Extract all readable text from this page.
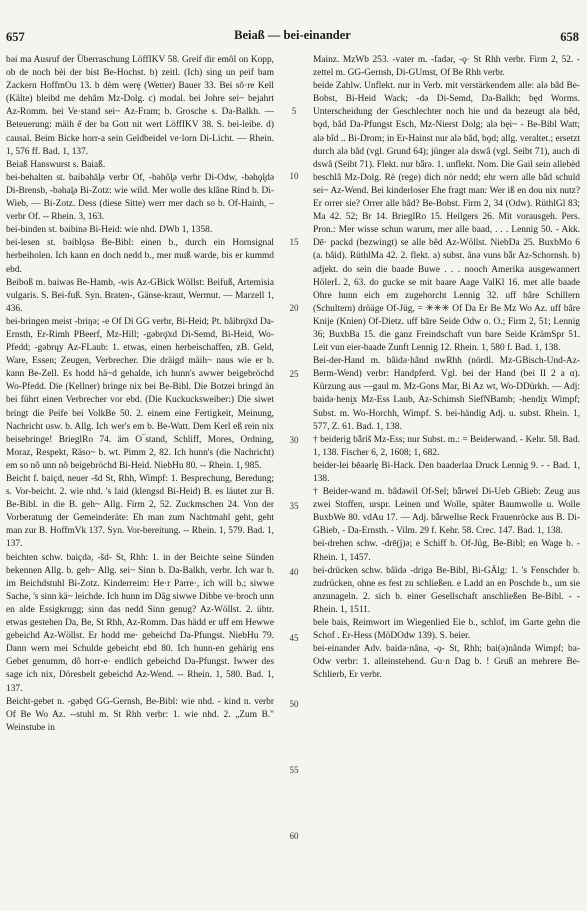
657	Beiaß — bei-einander	658

bǝi ma Ausruf der Überraschung LöffIKV 58. Greif dir emôl on Kopp, ob de noch bèi der bist Be-Hochst. b) zeitl. (Ich) sing un peif bam Zackern HoffmOu 13. b dèm werę (Wetter) Bauer 33. Bei sô·re Kell (Kälte) bleibd me dehâm Mz-Dolg. c) modal. bei Johre sei~ bejahrt Az-Romm. bei Ve·stand sei~ Az-Fram; b. Grosche s. Da-Balkh. — Beteuerung: mäih e̋ der ba Gott nit wert LöffIKV 38. S. bei-leibe. d) causal. Beim Bicke horr-a sein Geldbeidel ve·lorn Di-Licht. — Rhein. 1, 576 ff. Bad. 1, 137.

Beiaß Hanswurst s. Baiaß.

bei-behalten st. baibəhāl̥ǝ verbr Of, -bǝhôl̥ǝ verbr Di-Odw, -bǝhǫl̥dǝ Di-Brensb, -bǝhal̥ǝ Bi-Zotz: wie wild. Mer wolle des klâne Rind b. Di-Wieb, — Bi-Zotz. Dess (diese Sitte) werr mer dach so b. Of-Hainh, – verbr Of. -- Rhein. 3, 163.

bei-binden st. bǝibinǝ Bi-Heid: wie nhd. DWb 1, 1358.

bei-lesen st. bǝiblǫsǝ Be-Bibl: einen b., durch ein Hornsignal herbeiholen. Ich kann en doch nedd b., mer muß warde, bis er kummd ebd.

Beiboß m. baiwǝs Be-Hamb, -wis Az-GBick Wöllst: Beifuß, Artemisia vulgaris. S. Bei-fuß. Syn. Braten-, Gänse-kraut, Wermut. — Marzell 1, 436.

bei-bringen meist -briŋǝ; -e Of Di GG verbr, Bi-Heid; Pt. bâibrǫ̈xd Da-Ernsth, Er-Rimh PBeerf, Mz-Hill; -gǝbrǫ̈xd Di-Semd, Bi-Heid, Wo-Pfedd; -gǝbrųy Az-FLaub: 1. etwas, einen herbeischaffen, zB. Geld, Ware, Essen; Zeugen, Verbrecher. Die dräigd mäih~ naus wie er b. kann Be-Zell. Es hodd hä~d gehalde, ich hunn's awwer beigebröchd Wo-Pfedd. Die (Kellner) bringe nix bei Be-Bibl. Die Botzei bringd än bei führt einen Verbrecher vor ebd. (Die Kuckucksweiber:) Die siwet bringt die Peife bei VolkBe 50. 2. einem eine Fertigkeit, Meinung, Nachricht usw. b. Allg. Ich wer's em b. Be-Watt. Dem Kerl eß rein nix beisebringe! BrieglRo 74. äm O‾stand, Schliff, Mores, Ordning, Moraz, Respekt, Räso~ b. wt. Pimm 2, 82. Ich hunn's (die Nachricht) em so nô unn nô beigebröchd Bi-Heid. NiebHu 80. -- Rhein. 1, 985.

Beicht f. baiçd, neuer -šd St, Rhh, Wimpf: 1. Besprechung, Beredung; s. Vor-beicht. 2. wie nhd. 's laid (klengsd Bi-Heid) B. es läutet zur B. Be-Bibl. in die B. geh~ Allg. Firm 2, 52. Zuckmschen 24. Von der Vorberatung der Gemeinderäte: Eh man zum Nachtmahl geht, geht man zur B. HoffmVk 137. Syn. Vor-bereitung. -- Rhein. 1, 579. Bad. 1, 137.

beichten schw. baiçdǝ, -šd- St, Rhh: 1. in der Beichte seine Sünden bekennen Allg. b. geh~ Allg. sei~ Sinn b. Da-Balkh, verbr. Ich war b. im Beichdstuhl Bi-Zotz. Kinderreim: He·r Parre·, ich will b.; siwwe Sache, 's sinn kä~ leichde. Ich hunn im Dåg siwwe Dibbe ve·broch unn en alde Essigkrugg; sinn das nedd Sinn genug? Az-Wöllst. 2. übtr. etwas gestehen Da, Be, St Rhh, Az-Romm. Das hädd er uff em Hewwe gebeichd Az-Wöllst. Er hodd me· gebeichd Da-Pfungst. NiebHu 79. Dann wern mei Schulde gebeicht ebd 80. Ich hunn-en gehärig ens Gebet genumm, dô horr-e· endlich gebeichd Da-Pfungst. Iwwer des sage ich nix, Döresbelt gebeichd Az-Wend. -- Rhein. 1, 580. Bad. 1, 137.

Beicht-gebet n. -gǝbęd GG-Gernsh, Be-Bibl: wie nhd. - kind n. verbr Of Be Wo Az. --stuhl m. St Rhh verbr: 1. wie nhd. 2. „Zum B." Weinstube in

5
10
15
20
25
30
35
40
45
50
55
60

Mainz. MzWb 253. -vater m. -fadǝr, -ǫ· St Rhh verbr. Firm 2, 52. -zettel m. GG-Gernsh, Di-GUmst, Of Be Rhh verbr.

beide Zahlw. Unflekt. nur in Verb. mit verstärkendem alle: alǝ bâd Be-Bobst, Bi-Heid Wack; -dǝ Di-Semd, Da-Balkh; będ Worms. Unterscheidung der Geschlechter noch hie und da bezeugt alǝ bêd, bǫd, bâd Da-Pfungst Esch, Mz-Nierst Dolg; alǝ bęi~ - Be-Bibl Watt; alǝ bîd .. Bi-Drom; in Er-Hainst nur alǝ bâd, bǫd; allg. veraltet.; ersetzt durch alǝ bâd (vgl. Grund 64); jünger alǝ dswâ (vgl. Seibt 71), auch di dswâ (Seibt 71). Flekt. nur bǟrǝ. 1. unflekt. Nom. Die Gail sein allebèd beschlâ Mz-Dolg. Rë (rege) dich nör nedd; ehr wern alle bâd schuld sei~ Az-Wend. Bei kinderloser Ehe fragt man: Wer iß en dou nix nutz? Er orrer sie? Orrer alle bâd? Be-Bobst. Firm 2, 34 (Odw). RüthlGl 83; Ma 42. 52; Br 14. BrieglRo 15. Heilgers 26. Mit vorausgeh. Pers. Pron.: Mer wisse schun warum, mer alle baad, . . . Lennig 50. - Akk. Dē· packd (bezwingt) se alle bêd Az-Wöllst. NiebDa 25. BuxbMo 6 (a. bâid). RüthlMa 42. 2. flekt. a) subst. ånǝ vuns bǟr Az-Schornsh. b) adjekt. do sein die baade Buwe . . . nooch Amerika ausgewannert HölerL 2, 63. do gucke se mit baare Aage ValKl 16. met alle baade Ohre hunn eich em zugehorcht Lennig 32. uff bâre Schillern (Schultern) dröäge Of-Jüg, = ✳✳✳ Of Da Er Be Mz Wo Az. uff bâre Knije (Knien) Of-Dietz. uff bāre Seide Odw o. O.; Firm 2, 51; Lennig 36; BuxbBa 15. die ganz Freindschaft vun bare Seide KrämSpr 51. Leit vun eier-baade Zunft Lennig 12. Rhein. 1, 580 f. Bad. 1, 138.

Bei-der-Hand m. bâidǝ·hând nwRhh (nördl. Mz-GBisch-Und-Az-Berm-Wend) verbr: Handpferd. Vgl. bei der Hand (bei II 2 a α). Kürzung aus —gaul m. Mz-Gons Mar, Bi Az wt, Wo-DDürkh. — Adj: baidǝ·heni̯x Mz-Ess Laub, Az-Schimsh SiefNBamb; -hendi̯x Wimpf; Subst. m. Wo-Horchh, Wimpf. S. bei-händig Adj. u. subst. Rhein. 1, 577, Z. 61. Bad. 1, 138.

† beiderig bǟriš Mz-Ess; nur Subst. m.: = Beiderwand. - Kehr. 58. Bad. 1, 138. Fischer 6, 2, 1608; 1, 682.

beider-lei bēǝǝrlę Bi-Hack. Den baaderlaa Druck Lennig 9. - - Bad. 1, 138.

† Beider-wand m. bâdǝwil Of-Sel; bǟrwel Di-Ueb GBieb: Zeug aus zwei Stoffen, urspr. Leinen und Wolle, später Baumwolle u. Wolle BuxbWe 80. vdAu 17. — Adj. bǟrwellse Reck Frauenröcke aus B. Di-GBieb, - Da-Ernsth. - Vilm. 29 f. Kehr. 58. Crec. 147. Bad. 1, 138.

bei-drehen schw. -drē(j)ǝ; e Schiff b. Of-Jüg, Be-Bibl; en Wage b. - Rhein. 1, 1457.

bei-drücken schw. bâidǝ -drigǝ Be-Bibl, Bi-GÄlg: 1. 's Fenschder b. zudrücken, ohne es fest zu schließen. e Ladd an en Poschde b., um sie anzunageln. 2. sich b. einer Gesellschaft anschließen Be-Bibl. - - Rhein. 1, 1511.

bele bais, Reimwort im Wiegenlied Eie b., schlof, im Garte gehn die Schof . Er-Hess (MöDOdw 139). S. beier.

bei-einander Adv. baidǝ·nânǝ, -ǫ- St, Rhh; bai(ǝ)nândǝ Wimpf; ba- Odw verbr: 1. alleinstehend. Gu·n Dag b. ! Gruß an mehrere Be-Schlierb, Er verbr.
